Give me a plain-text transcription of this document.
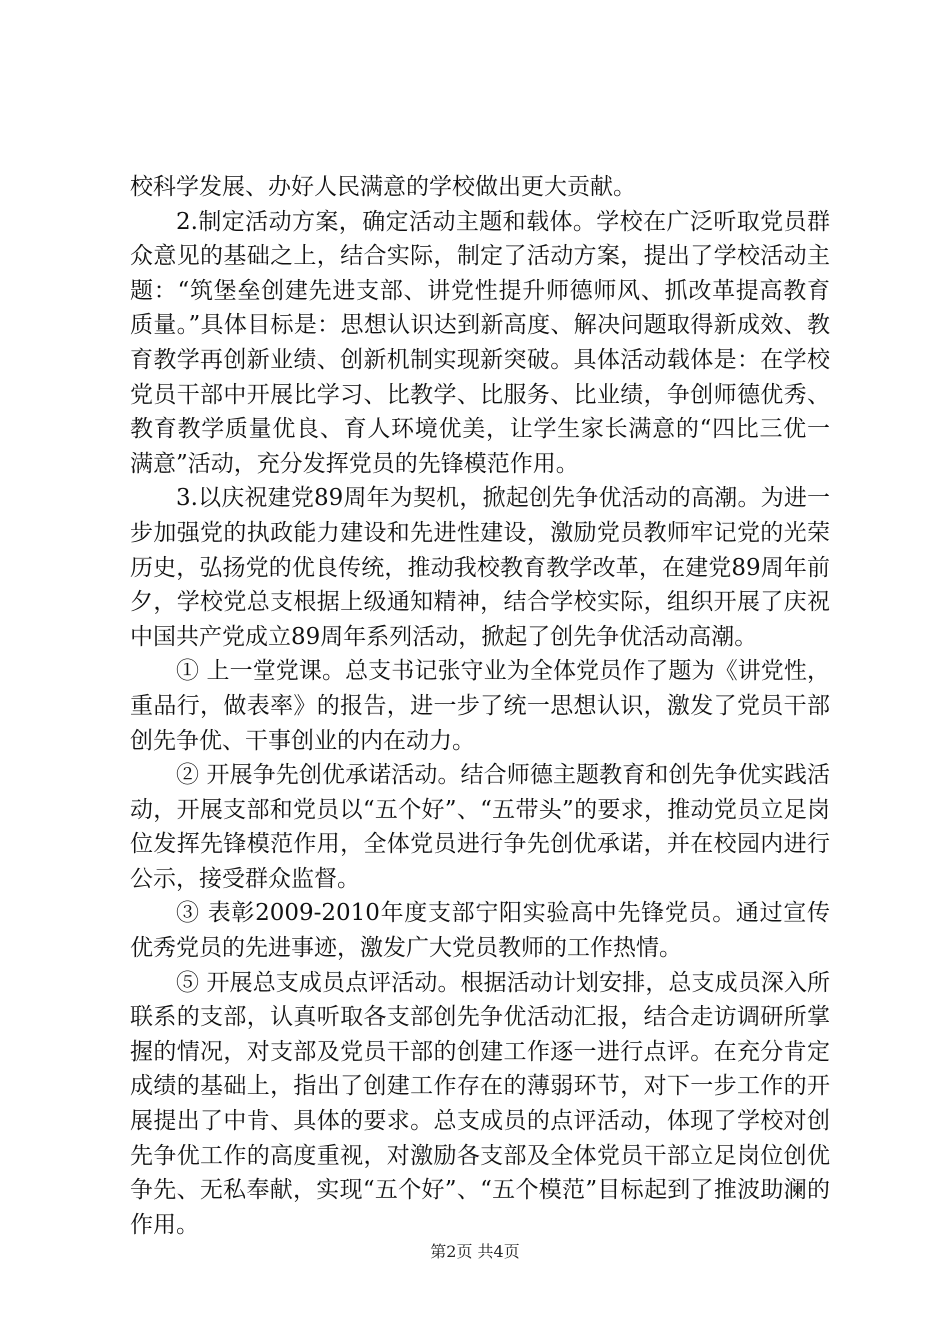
校科学发展、办好人民满意的学校做出更大贡献。

2.制定活动方案，确定活动主题和载体。学校在广泛听取党员群众意见的基础之上，结合实际，制定了活动方案，提出了学校活动主题：“筑堡垒创建先进支部、讲党性提升师德师风、抓改革提高教育质量。”具体目标是：思想认识达到新高度、解决问题取得新成效、教育教学再创新业绩、创新机制实现新突破。具体活动载体是：在学校党员干部中开展比学习、比教学、比服务、比业绩，争创师德优秀、教育教学质量优良、育人环境优美，让学生家长满意的“四比三优一满意”活动，充分发挥党员的先锋模范作用。

3.以庆祝建党89周年为契机，掀起创先争优活动的高潮。为进一步加强党的执政能力建设和先进性建设，激励党员教师牢记党的光荣历史，弘扬党的优良传统，推动我校教育教学改革，在建党89周年前夕，学校党总支根据上级通知精神，结合学校实际，组织开展了庆祝中国共产党成立89周年系列活动，掀起了创先争优活动高潮。

① 上一堂党课。总支书记张守业为全体党员作了题为《讲党性，重品行，做表率》的报告，进一步了统一思想认识，激发了党员干部创先争优、干事创业的内在动力。

② 开展争先创优承诺活动。结合师德主题教育和创先争优实践活动，开展支部和党员以“五个好”、“五带头”的要求，推动党员立足岗位发挥先锋模范作用，全体党员进行争先创优承诺，并在校园内进行公示，接受群众监督。

③ 表彰2009-2010年度支部宁阳实验高中先锋党员。通过宣传优秀党员的先进事迹，激发广大党员教师的工作热情。

⑤ 开展总支成员点评活动。根据活动计划安排，总支成员深入所联系的支部，认真听取各支部创先争优活动汇报，结合走访调研所掌握的情况，对支部及党员干部的创建工作逐一进行点评。在充分肯定成绩的基础上，指出了创建工作存在的薄弱环节，对下一步工作的开展提出了中肯、具体的要求。总支成员的点评活动，体现了学校对创先争优工作的高度重视，对激励各支部及全体党员干部立足岗位创优争先、无私奉献，实现“五个好”、“五个模范”目标起到了推波助澜的作用。

第2页 共4页
